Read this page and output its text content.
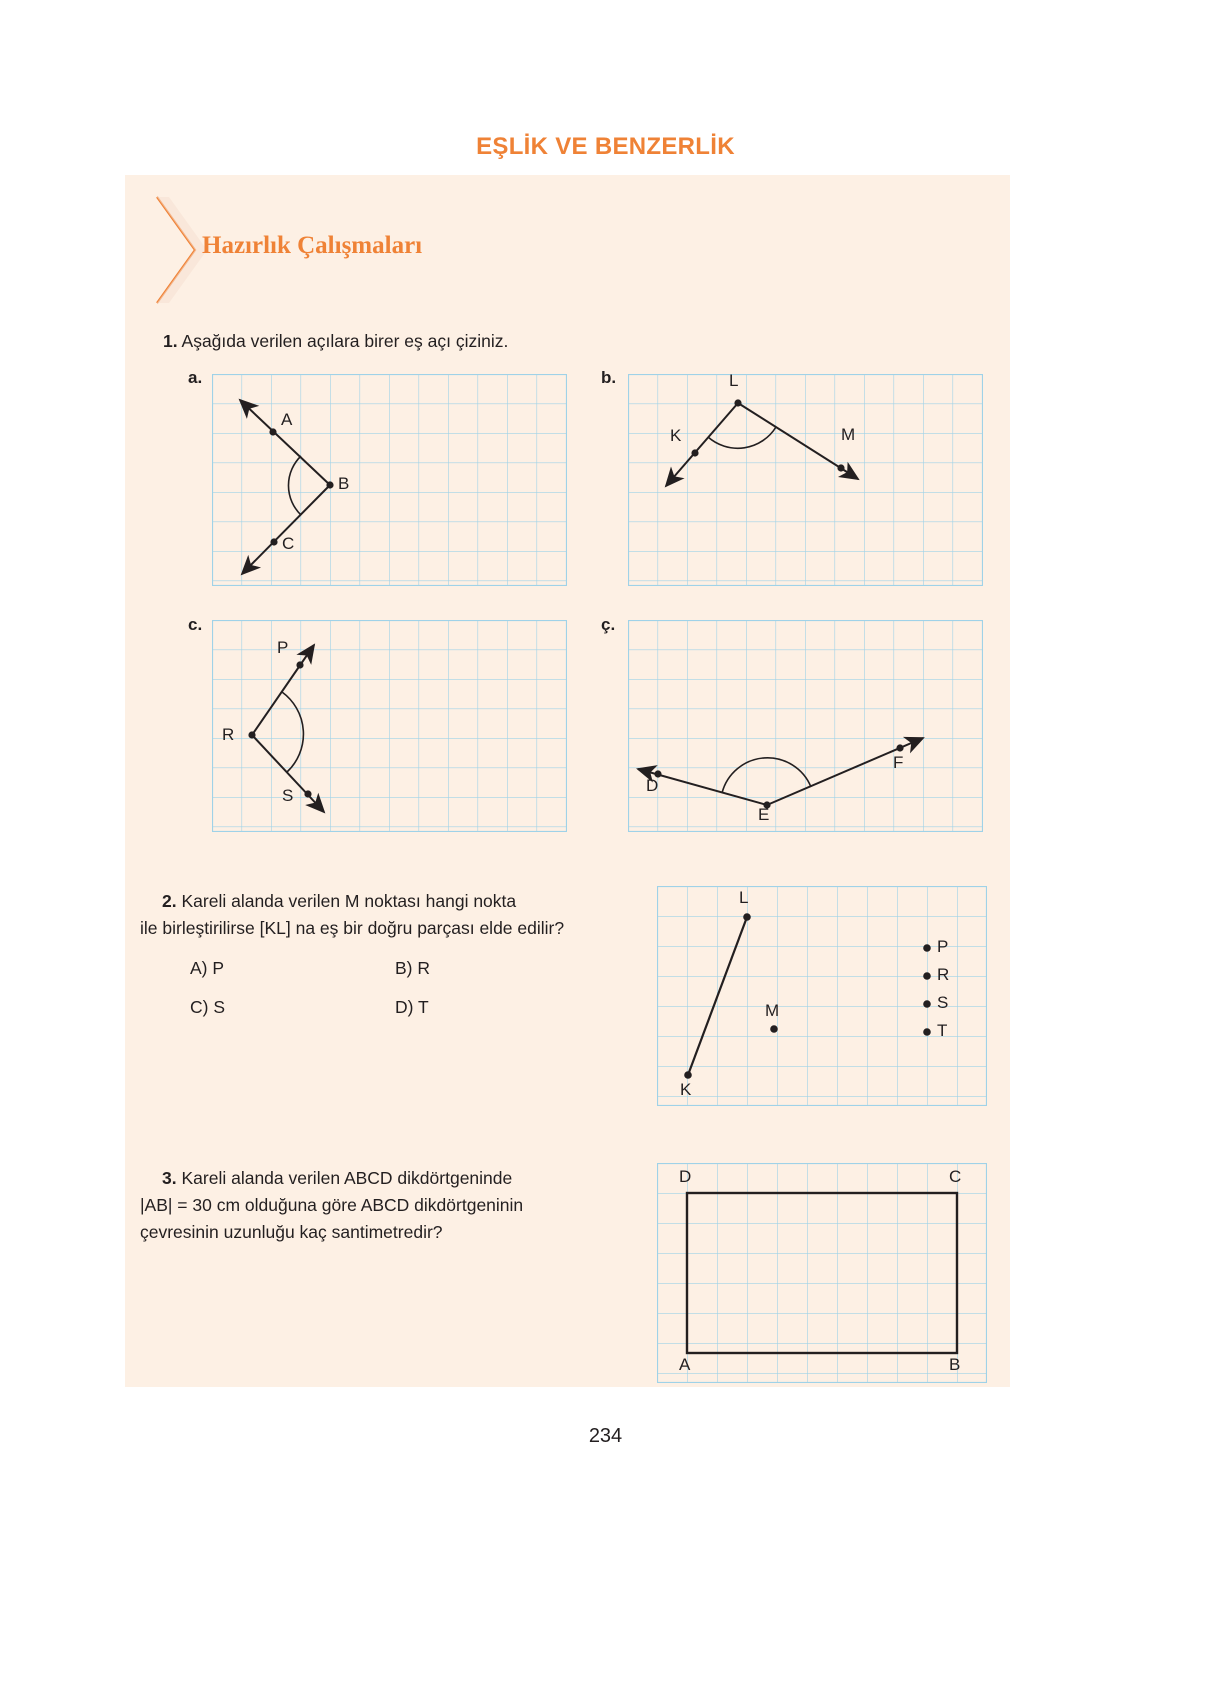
EŞLİK VE BENZERLİK
Hazırlık Çalışmaları
1. Aşağıda verilen açılara birer eş açı çiziniz.
a.
A
B
C
b.	L
K	M
c.
P
R
S
ç.
D
E
F
2. Kareli alanda verilen M noktası hangi nokta
ile birleştirilirse [KL] na eş bir doğru parçası elde edilir?
A) P	B) R
C) S	D) T
L
K
M
P
R
S
T
3. Kareli alanda verilen ABCD dikdörtgeninde
|AB| = 30 cm olduğuna göre ABCD dikdörtgeninin
çevresinin uzunluğu kaç santimetredir?
D	C
A	B
234
